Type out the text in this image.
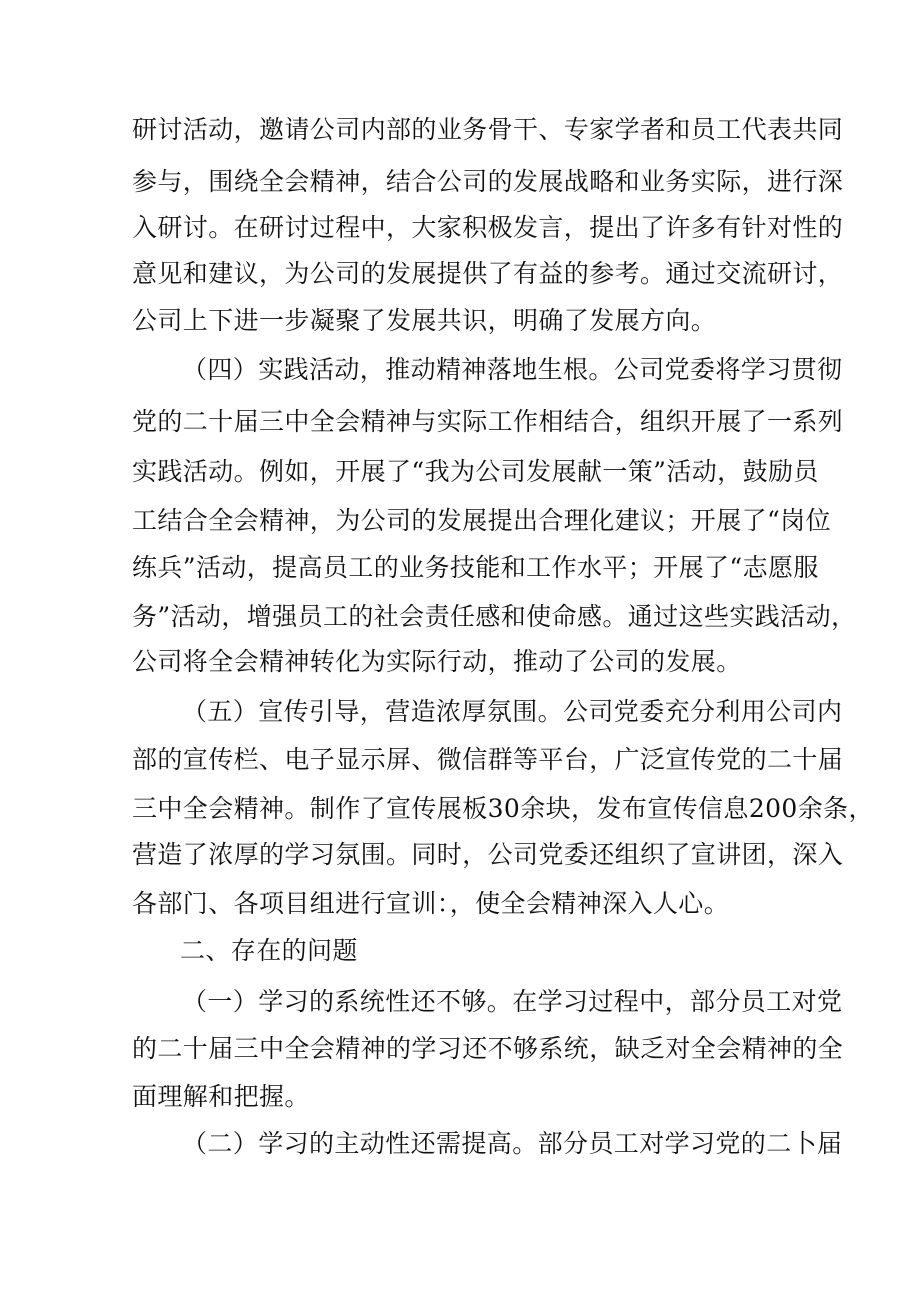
研讨活动，邀请公司内部的业务骨干、专家学者和员工代表共同
参与，围绕全会精神，结合公司的发展战略和业务实际，进行深
入研讨。在研讨过程中，大家积极发言，提出了许多有针对性的
意见和建议，为公司的发展提供了有益的参考。通过交流研讨，
公司上下进一步凝聚了发展共识，明确了发展方向。
（四）实践活动，推动精神落地生根。公司党委将学习贯彻
党的二十届三中全会精神与实际工作相结合，组织开展了一系列
实践活动。例如，开展了“我为公司发展献一策”活动，鼓励员
工结合全会精神，为公司的发展提出合理化建议；开展了“岗位
练兵”活动，提高员工的业务技能和工作水平；开展了“志愿服
务”活动，增强员工的社会责任感和使命感。通过这些实践活动，
公司将全会精神转化为实际行动，推动了公司的发展。
（五）宣传引导，营造浓厚氛围。公司党委充分利用公司内
部的宣传栏、电子显示屏、微信群等平台，广泛宣传党的二十届
三中全会精神。制作了宣传展板30余块，发布宣传信息200余条，
营造了浓厚的学习氛围。同时，公司党委还组织了宣讲团，深入
各部门、各项目组进行宣训：，使全会精神深入人心。
二、存在的问题
（一）学习的系统性还不够。在学习过程中，部分员工对党
的二十届三中全会精神的学习还不够系统，缺乏对全会精神的全
面理解和把握。
（二）学习的主动性还需提高。部分员工对学习党的二卜届
